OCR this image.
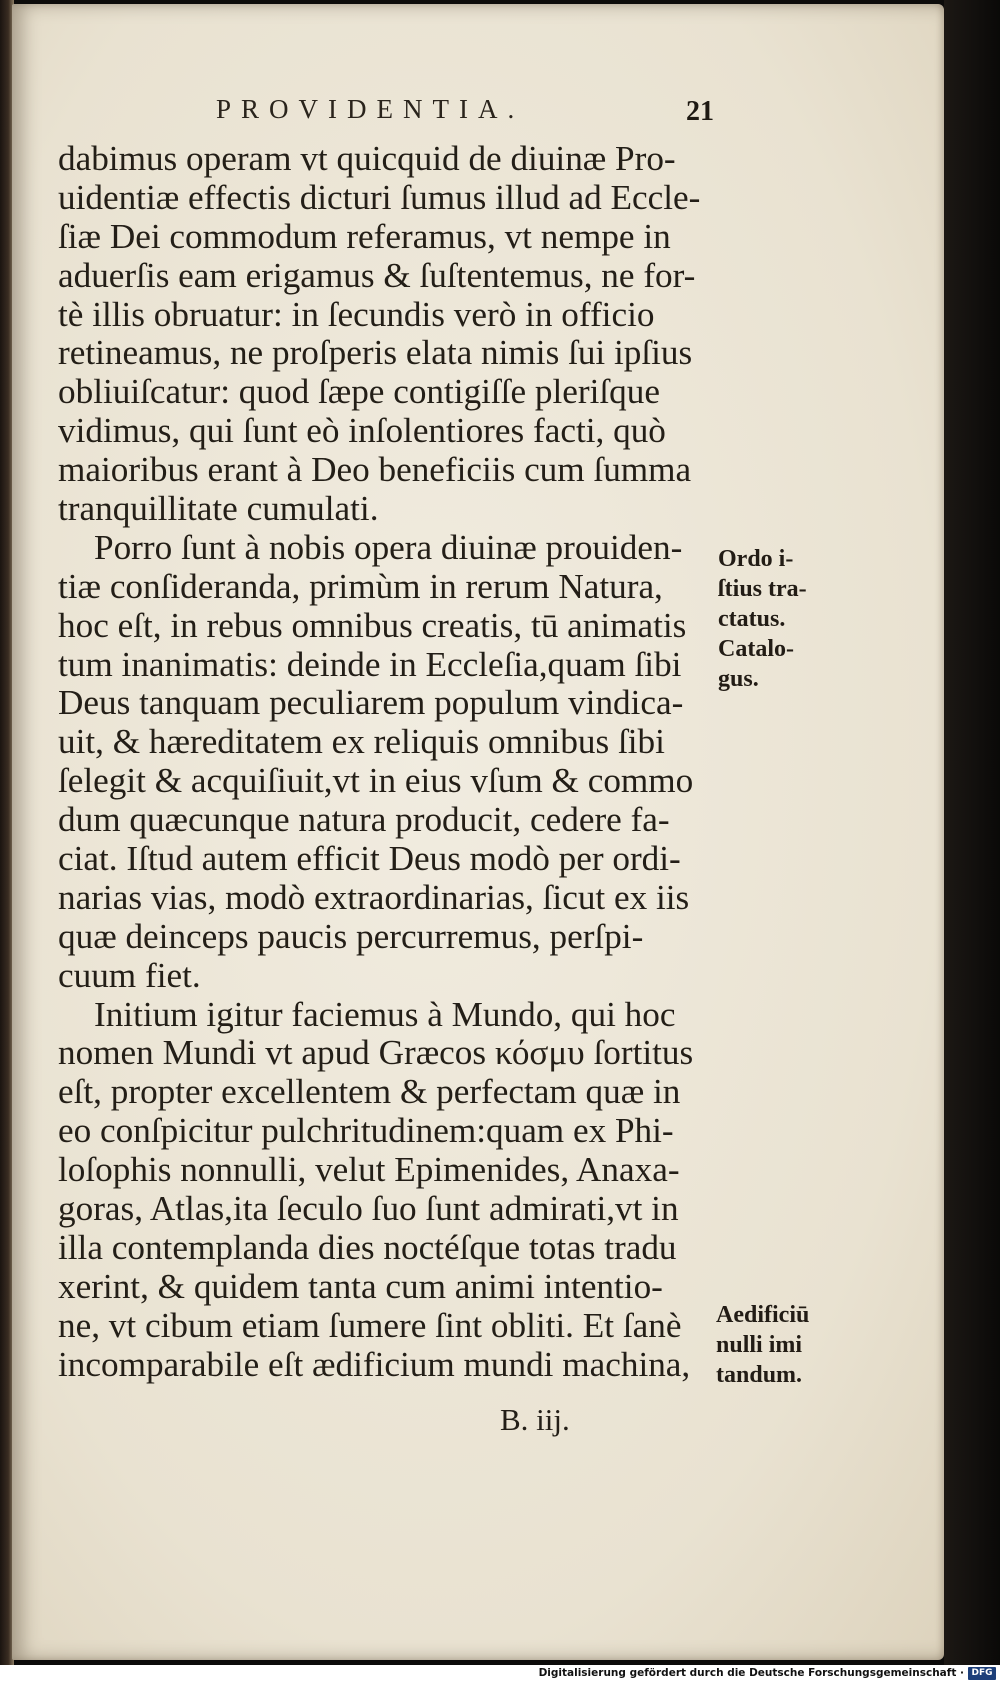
PROVIDENTIA.	21
dabimus operam vt quicquid de diuinæ Pro-
uidentiæ effectis dicturi ſumus illud ad Eccle-
ſiæ Dei commodum referamus, vt nempe in
aduerſis eam erigamus & ſuſtentemus, ne for-
tè illis obruatur: in ſecundis verò in officio
retineamus, ne proſperis elata nimis ſui ipſius
obliuiſcatur: quod ſæpe contigiſſe pleriſque
vidimus, qui ſunt eò inſolentiores facti, quò
maioribus erant à Deo beneficiis cum ſumma
tranquillitate cumulati.
Porro ſunt à nobis opera diuinæ prouiden-
tiæ conſideranda, primùm in rerum Natura,
hoc eſt, in rebus omnibus creatis, tū animatis
tum inanimatis: deinde in Eccleſia,quam ſibi
Deus tanquam peculiarem populum vindica-
uit, & hæreditatem ex reliquis omnibus ſibi
ſelegit & acquiſiuit,vt in eius vſum & commo
dum quæcunque natura producit, cedere fa-
ciat. Iſtud autem efficit Deus modò per ordi-
narias vias, modò extraordinarias, ſicut ex iis
quæ deinceps paucis percurremus, perſpi-
cuum fiet.
Initium igitur faciemus à Mundo, qui hoc
nomen Mundi vt apud Græcos κόσμυ ſortitus
eſt, propter excellentem & perfectam quæ in
eo conſpicitur pulchritudinem:quam ex Phi-
loſophis nonnulli, velut Epimenides, Anaxa-
goras, Atlas,ita ſeculo ſuo ſunt admirati,vt in
illa contemplanda dies noctéſque totas tradu
xerint, & quidem tanta cum animi intentio-
ne, vt cibum etiam ſumere ſint obliti. Et ſanè
incomparabile eſt ædificium mundi machina,
Ordo i-
ſtius tra-
ctatus.
Catalo-
gus.
Aedificiū
nulli imi
tandum.
B. iij.
Digitalisierung gefördert durch die Deutsche Forschungsgemeinschaft · DFG
